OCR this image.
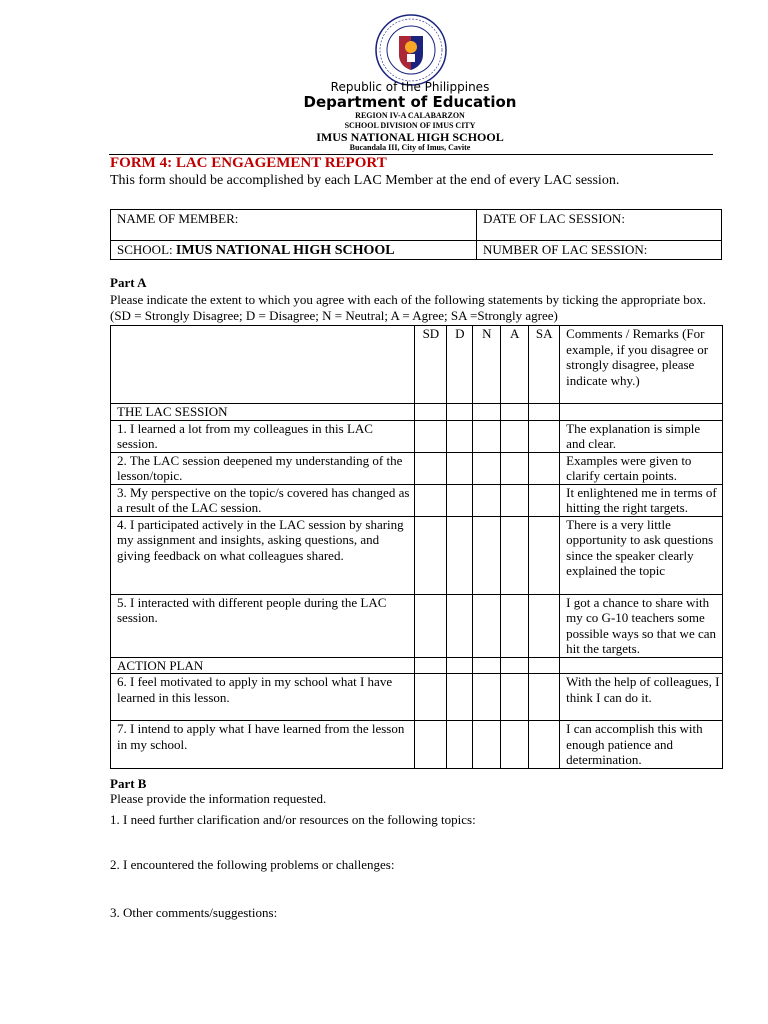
Republic of the Philippines
Department of Education
REGION IV-A CALABARZON
SCHOOL DIVISION OF IMUS CITY
IMUS NATIONAL HIGH SCHOOL
Bucandala III, City of Imus, Cavite
FORM 4: LAC ENGAGEMENT REPORT
This form should be accomplished by each LAC Member at the end of every LAC session.
NAME OF MEMBER:	DATE OF LAC SESSION:
SCHOOL: IMUS NATIONAL HIGH SCHOOL	NUMBER OF LAC SESSION:
Part A
Please indicate the extent to which you agree with each of the following statements by ticking the appropriate box. (SD = Strongly Disagree; D = Disagree; N = Neutral; A = Agree; SA =Strongly agree)
	SD	D	N	A	SA	Comments / Remarks (For example, if you disagree or strongly disagree, please indicate why.)
THE LAC SESSION						
1. I learned a lot from my colleagues in this LAC session.						The explanation is simple and clear.
2. The LAC session deepened my understanding of the lesson/topic.						Examples were given to clarify certain points.
3. My perspective on the topic/s covered has changed as a result of the LAC session.						It enlightened me in terms of hitting the right targets.
4. I participated actively in the LAC session by sharing my assignment and insights, asking questions, and giving feedback on what colleagues shared.						There is a very little opportunity to ask questions since the speaker clearly explained the topic
5. I interacted with different people during the LAC session.						I got a chance to share with my co G-10 teachers some possible ways so that we can hit the targets.
ACTION PLAN						
6. I feel motivated to apply in my school what I have learned in this lesson.						With the help of colleagues, I think I can do it.
7. I intend to apply what I have learned from the lesson in my school.						I can accomplish this with enough patience and determination.
Part B
Please provide the information requested.
1. I need further clarification and/or resources on the following topics:
2. I encountered the following problems or challenges:
3. Other comments/suggestions:
